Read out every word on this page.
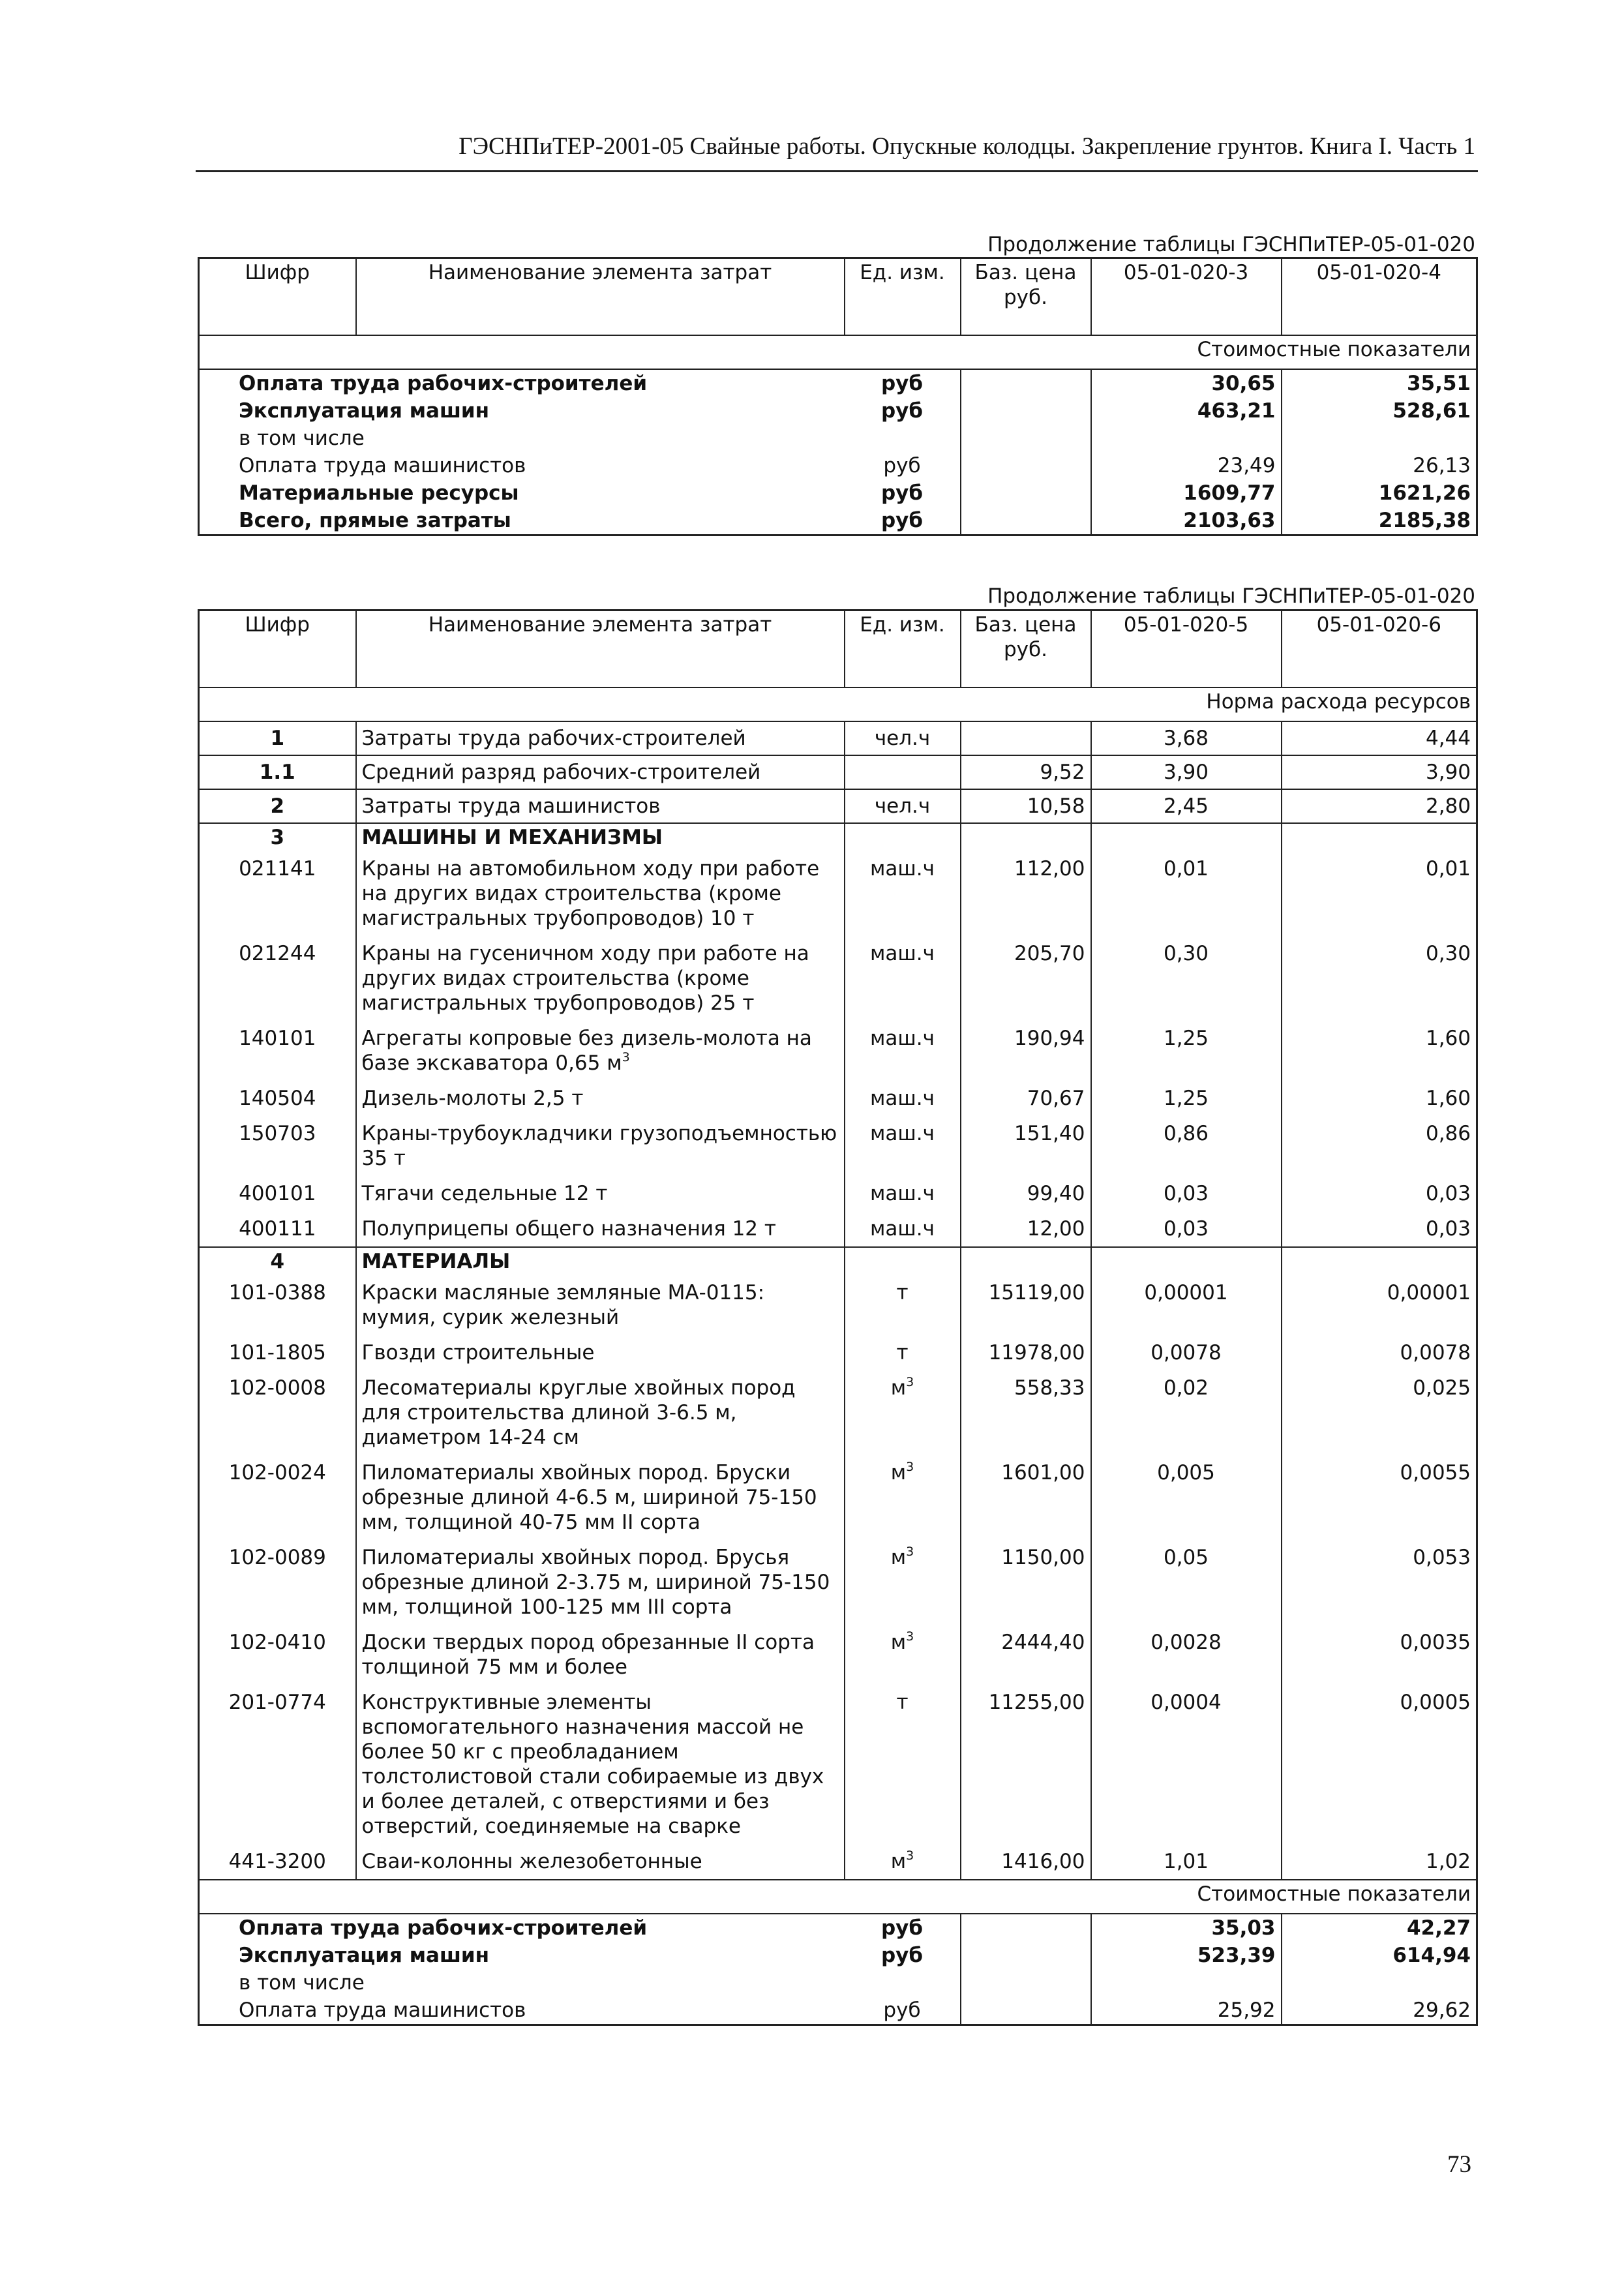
ГЭСНПиТЕР-2001-05 Свайные работы. Опускные колодцы. Закрепление грунтов. Книга I. Часть 1
Продолжение таблицы ГЭСНПиТЕР-05-01-020
Шифр	Наименование элемента затрат	Ед. изм.	Баз. цена руб.	05-01-020-3	05-01-020-4
Стоимостные показатели					
Оплата труда рабочих-строителей		руб		30,65	35,51
Эксплуатация машин		руб		463,21	528,61
в том числе					
Оплата труда машинистов		руб		23,49	26,13
Материальные ресурсы		руб		1609,77	1621,26
Всего, прямые затраты		руб		2103,63	2185,38
Продолжение таблицы ГЭСНПиТЕР-05-01-020
Шифр	Наименование элемента затрат	Ед. изм.	Баз. цена руб.	05-01-020-5	05-01-020-6
Норма расхода ресурсов					
1	Затраты труда рабочих-строителей	чел.ч		3,68	4,44
1.1	Средний разряд рабочих-строителей		9,52	3,90	3,90
2	Затраты труда машинистов	чел.ч	10,58	2,45	2,80
3	МАШИНЫ И МЕХАНИЗМЫ				
021141	Краны на автомобильном ходу при работе на других видах строительства (кроме магистральных трубопроводов) 10 т	маш.ч	112,00	0,01	0,01
021244	Краны на гусеничном ходу при работе на других видах строительства (кроме магистральных трубопроводов) 25 т	маш.ч	205,70	0,30	0,30
140101	Агрегаты копровые без дизель-молота на базе экскаватора 0,65 $м^3$	маш.ч	190,94	1,25	1,60
140504	Дизель-молоты 2,5 т	маш.ч	70,67	1,25	1,60
150703	Краны-трубоукладчики грузоподъемностью 35 т	маш.ч	151,40	0,86	0,86
400101	Тягачи седельные 12 т	маш.ч	99,40	0,03	0,03
400111	Полуприцепы общего назначения 12 т	маш.ч	12,00	0,03	0,03
4	МАТЕРИАЛЫ				
101-0388	Краски масляные земляные МА-0115: мумия, сурик железный	т	15119,00	0,00001	0,00001
101-1805	Гвозди строительные	т	11978,00	0,0078	0,0078
102-0008	Лесоматериалы круглые хвойных пород для строительства длиной 3-6.5 м, диаметром 14-24 см	$м^3$	558,33	0,02	0,025
102-0024	Пиломатериалы хвойных пород. Бруски обрезные длиной 4-6.5 м, шириной 75-150 мм, толщиной 40-75 мм II сорта	$м^3$	1601,00	0,005	0,0055
102-0089	Пиломатериалы хвойных пород. Брусья обрезные длиной 2-3.75 м, шириной 75-150 мм, толщиной 100-125 мм III сорта	$м^3$	1150,00	0,05	0,053
102-0410	Доски твердых пород обрезанные II сорта толщиной 75 мм и более	$м^3$	2444,40	0,0028	0,0035
201-0774	Конструктивные элементы вспомогательного назначения массой не более 50 кг с преобладанием толстолистовой стали собираемые из двух и более деталей, с отверстиями и без отверстий, соединяемые на сварке	т	11255,00	0,0004	0,0005
441-3200	Сваи-колонны железобетонные	$м^3$	1416,00	1,01	1,02
Стоимостные показатели					
Оплата труда рабочих-строителей		руб		35,03	42,27
Эксплуатация машин		руб		523,39	614,94
в том числе					
Оплата труда машинистов		руб		25,92	29,62
73
